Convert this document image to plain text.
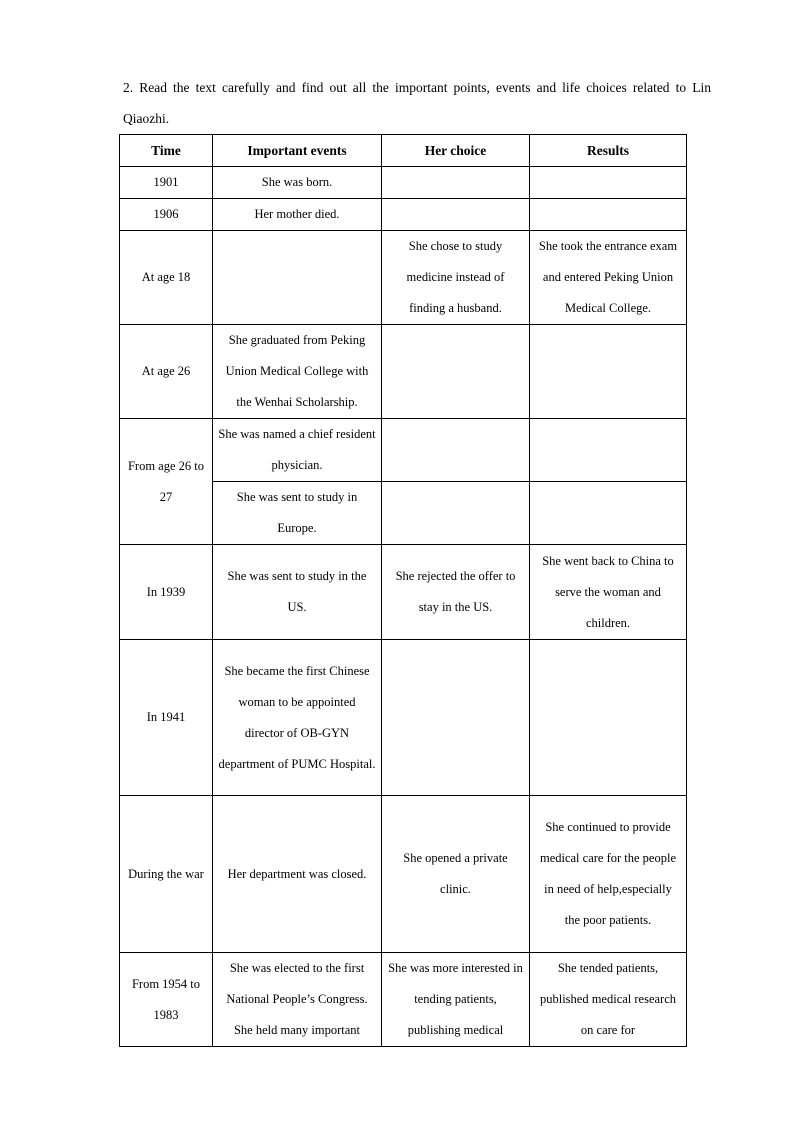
2. Read the text carefully and find out all the important points, events and life choices related to Lin Qiaozhi.
Time	Important events	Her choice	Results
1901	She was born.		
1906	Her mother died.		
At age 18		She chose to study medicine instead of finding a husband.	She took the entrance exam and entered Peking Union Medical College.
At age 26	She graduated from Peking Union Medical College with the Wenhai Scholarship.		
From age 26 to 27	She was named a chief resident physician.		
	She was sent to study in Europe.		
In 1939	She was sent to study in the US.	She rejected the offer to stay in the US.	She went back to China to serve the woman and children.
In 1941	She became the first Chinese woman to be appointed director of OB-GYN department of PUMC Hospital.		
During the war	Her department was closed.	She opened a private clinic.	She continued to provide medical care for the people in need of help,especially the poor patients.
From 1954 to 1983	She was elected to the first National People’s Congress. She held many important	She was more interested in tending patients, publishing medical	She tended patients, published medical research on care for
